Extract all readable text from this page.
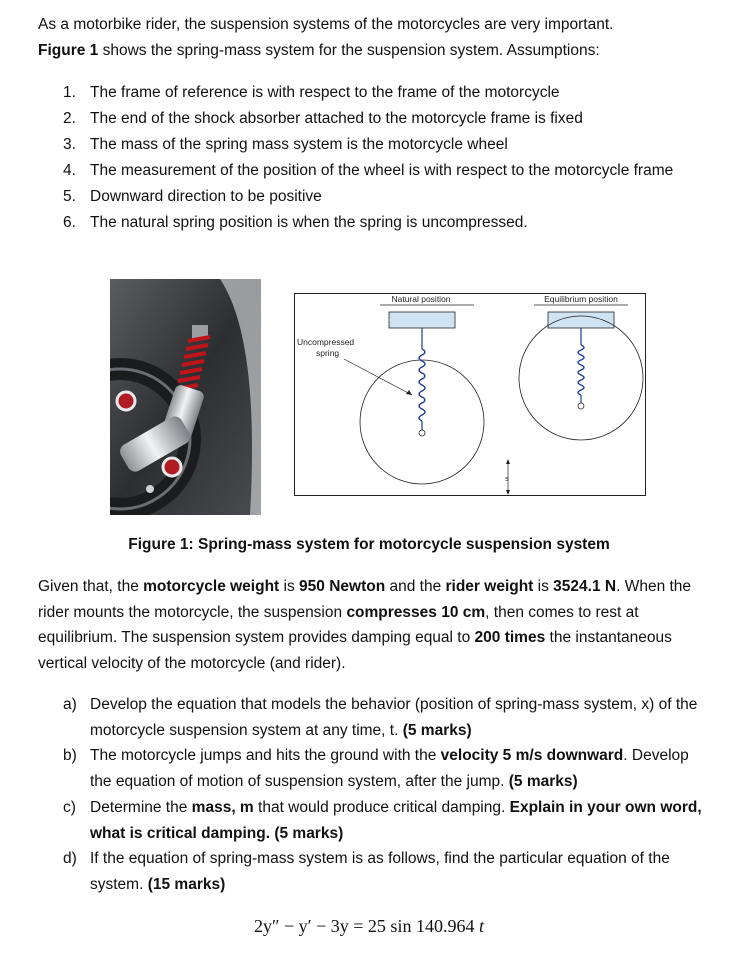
As a motorbike rider, the suspension systems of the motorcycles are very important.
Figure 1 shows the spring-mass system for the suspension system. Assumptions:

1. The frame of reference is with respect to the frame of the motorcycle
2. The end of the shock absorber attached to the motorcycle frame is fixed
3. The mass of the spring mass system is the motorcycle wheel
4. The measurement of the position of the wheel is with respect to the motorcycle frame
5. Downward direction to be positive
6. The natural spring position is when the spring is uncompressed.
Natural position	Equilibrium position
Uncompressed
spring
s
Figure 1: Spring-mass system for motorcycle suspension system

Given that, the motorcycle weight is 950 Newton and the rider weight is 3524.1 N. When the rider mounts the motorcycle, the suspension compresses 10 cm, then comes to rest at equilibrium. The suspension system provides damping equal to 200 times the instantaneous vertical velocity of the motorcycle (and rider).

a) Develop the equation that models the behavior (position of spring-mass system, x) of the motorcycle suspension system at any time, t. (5 marks)
b) The motorcycle jumps and hits the ground with the velocity 5 m/s downward. Develop the equation of motion of suspension system, after the jump. (5 marks)
c) Determine the mass, m that would produce critical damping. Explain in your own word, what is critical damping. (5 marks)
d) If the equation of spring-mass system is as follows, find the particular equation of the system. (15 marks)
2y″ − y′ − 3y = 25 sin 140.964 t
